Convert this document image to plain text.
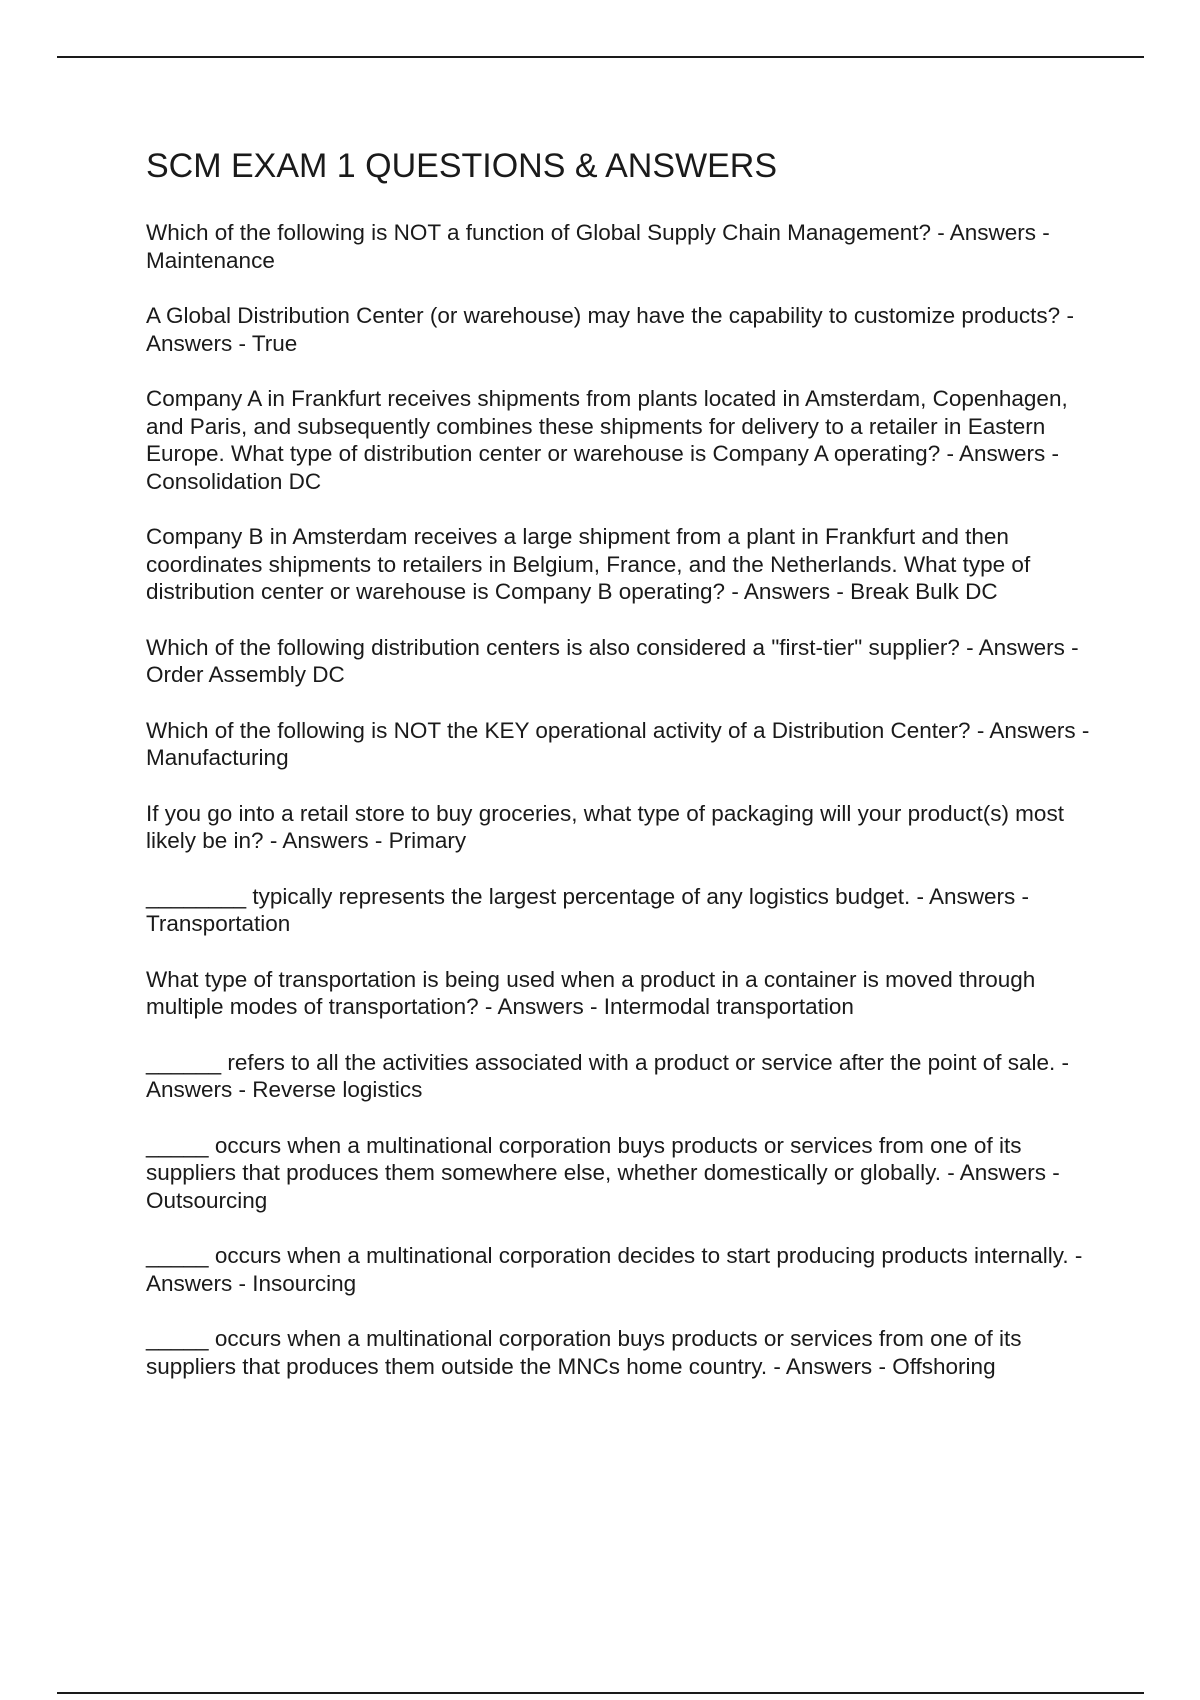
SCM EXAM 1 QUESTIONS & ANSWERS

Which of the following is NOT a function of Global Supply Chain Management? - Answers - Maintenance

A Global Distribution Center (or warehouse) may have the capability to customize products? - Answers - True

Company A in Frankfurt receives shipments from plants located in Amsterdam, Copenhagen, and Paris, and subsequently combines these shipments for delivery to a retailer in Eastern Europe. What type of distribution center or warehouse is Company A operating? - Answers - Consolidation DC

Company B in Amsterdam receives a large shipment from a plant in Frankfurt and then coordinates shipments to retailers in Belgium, France, and the Netherlands. What type of distribution center or warehouse is Company B operating? - Answers - Break Bulk DC

Which of the following distribution centers is also considered a "first-tier" supplier? - Answers - Order Assembly DC

Which of the following is NOT the KEY operational activity of a Distribution Center? - Answers - Manufacturing

If you go into a retail store to buy groceries, what type of packaging will your product(s) most likely be in? - Answers - Primary

________ typically represents the largest percentage of any logistics budget. - Answers - Transportation

What type of transportation is being used when a product in a container is moved through multiple modes of transportation? - Answers - Intermodal transportation

______ refers to all the activities associated with a product or service after the point of sale. - Answers - Reverse logistics

_____ occurs when a multinational corporation buys products or services from one of its suppliers that produces them somewhere else, whether domestically or globally. - Answers - Outsourcing

_____ occurs when a multinational corporation decides to start producing products internally. - Answers - Insourcing

_____ occurs when a multinational corporation buys products or services from one of its suppliers that produces them outside the MNCs home country. - Answers - Offshoring
